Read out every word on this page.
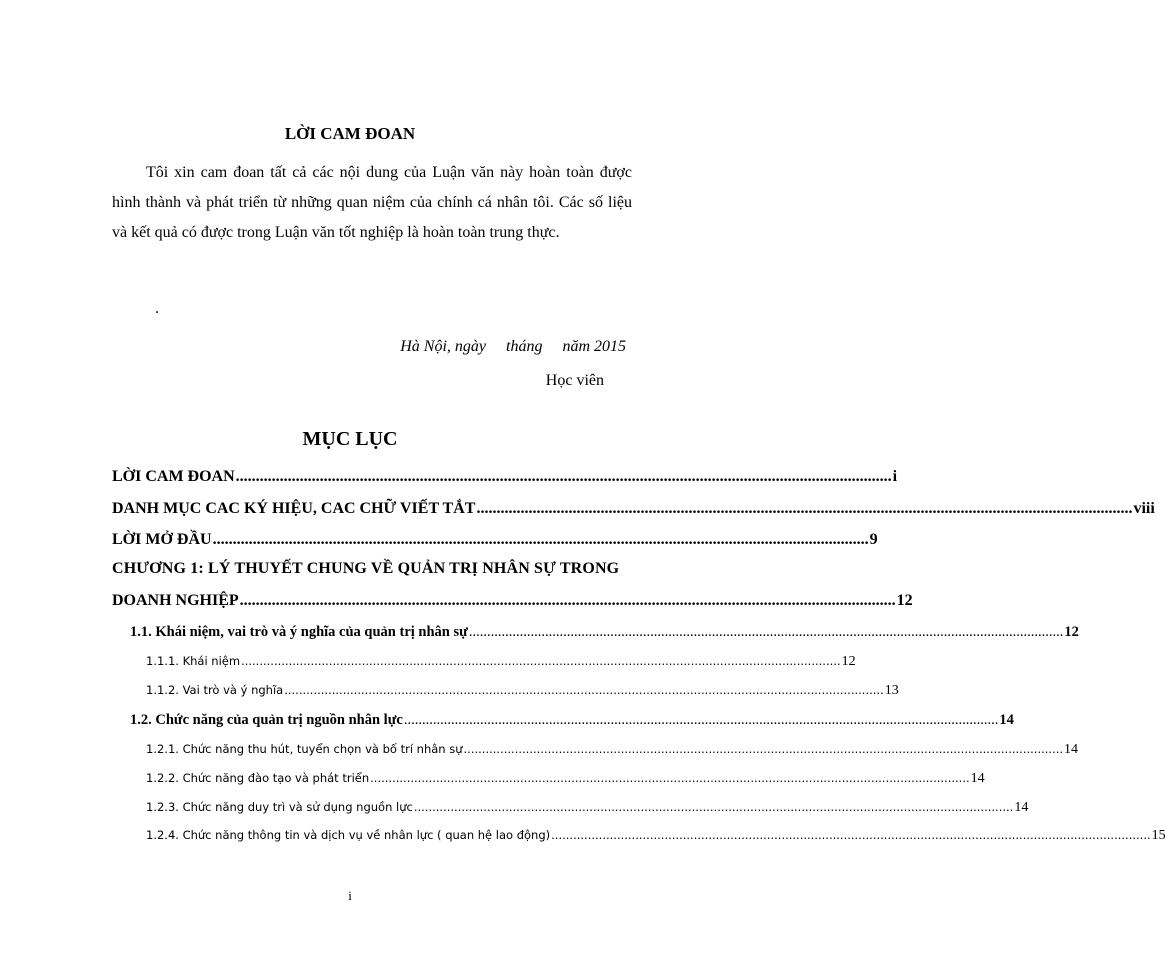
LỜI CAM ĐOAN

Tôi xin cam đoan tất cả các nội dung của Luận văn này hoàn toàn được hình thành và phát triển từ những quan niệm của chính cá nhân tôi. Các số liệu và kết quả có được trong Luận văn tốt nghiệp là hoàn toàn trung thực.

.
Hà Nội, ngày     tháng     năm 2015
Học viên
MỤC LỤC
LỜI CAM ĐOAN .................................................................................................................................................................... i
DANH MỤC CAC KÝ HIỆU, CAC CHỮ VIẾT TẮT .................................................................................................................................................................... viii
LỜI MỞ ĐẦU .................................................................................................................................................................... 9
CHƯƠNG 1: LÝ THUYẾT CHUNG VỀ QUẢN TRỊ NHÂN SỰ TRONG
DOANH NGHIỆP .................................................................................................................................................................... 12
1.1. Khái niệm, vai trò và ý nghĩa của quản trị nhân sự .................................................................................................................................................................... 12
1.1.1. Khái niệm .................................................................................................................................................................... 12
1.1.2. Vai trò và ý nghĩa .................................................................................................................................................................... 13
1.2. Chức năng của quản trị nguồn nhân lực .................................................................................................................................................................... 14
1.2.1. Chức năng thu hút, tuyển chọn và bố trí nhân sự .................................................................................................................................................................... 14
1.2.2. Chức năng đào tạo và phát triển .................................................................................................................................................................... 14
1.2.3. Chức năng duy trì và sử dụng nguồn lực .................................................................................................................................................................... 14
1.2.4. Chức năng thông tin và dịch vụ về nhân lực ( quan hệ lao động) .................................................................................................................................................................... 15
i
